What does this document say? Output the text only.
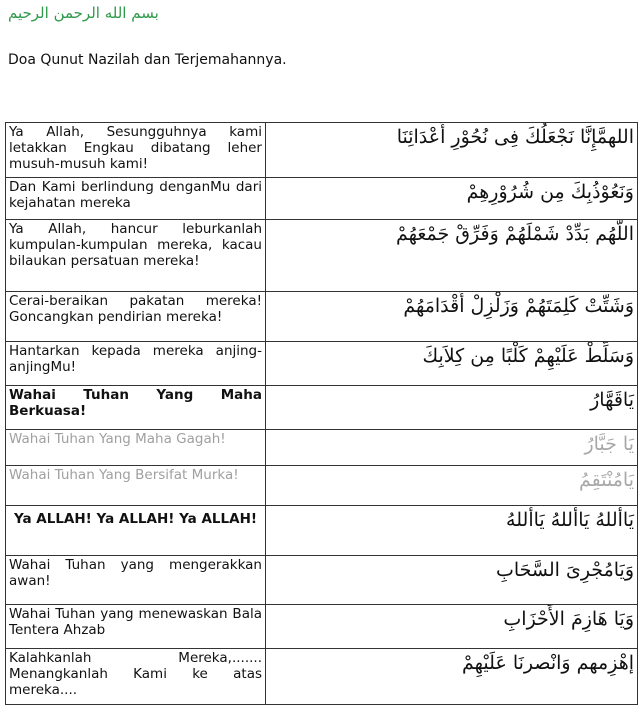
بسم الله الرحمن الرحيم
Doa Qunut Nazilah dan Terjemahannya.
Ya Allah, Sesungguhnya kami letakkan Engkau dibatang leher musuh-musuh kami!	اللهمَّإِنَّا نَجْعَلُكَ فِى نُحُوْرِ أَعْدَائِنَا
Dan Kami berlindung denganMu dari kejahatan mereka	وَنَعُوْذُبِكَ مِن شُرُوْرِهِمْ
Ya Allah, hancur leburkanlah kumpulan-kumpulan mereka, kacau bilaukan persatuan mereka!	اللّهُم بَدِّدْ شَمْلَهُمْ وَفَرِّقْ جَمْعَهُمْ
Cerai-beraikan pakatan mereka! Goncangkan pendirian mereka!	وَشَتِّتْ كَلِمَتَهُمْ وَزَلْزِلْ أَقْدَامَهُمْ
Hantarkan kepada mereka anjing-anjingMu!	وَسَلِّطْ عَلَيْهِمْ كَلْبًا مِن كِلاَبِكَ
Wahai Tuhan Yang Maha Berkuasa!	يَاقَهَّارُ
Wahai Tuhan Yang Maha Gagah!	يَا جَبَّارُ
Wahai Tuhan Yang Bersifat Murka!	يَامُنْتَقِمُ
Ya ALLAH! Ya ALLAH! Ya ALLAH!	يَاأللهُ يَاأللهُ يَاأللهُ
Wahai Tuhan yang mengerakkan awan!	وَيَامُجْرِىَ السَّحَابِ
Wahai Tuhan yang menewaskan Bala Tentera Ahzab	وَيَا هَازِمَ الأَحْزَابِ
Kalahkanlah Mereka,....... Menangkanlah Kami ke atas mereka....	إهْزِمهم وَانْصرنَا عَلَيْهِمْ
